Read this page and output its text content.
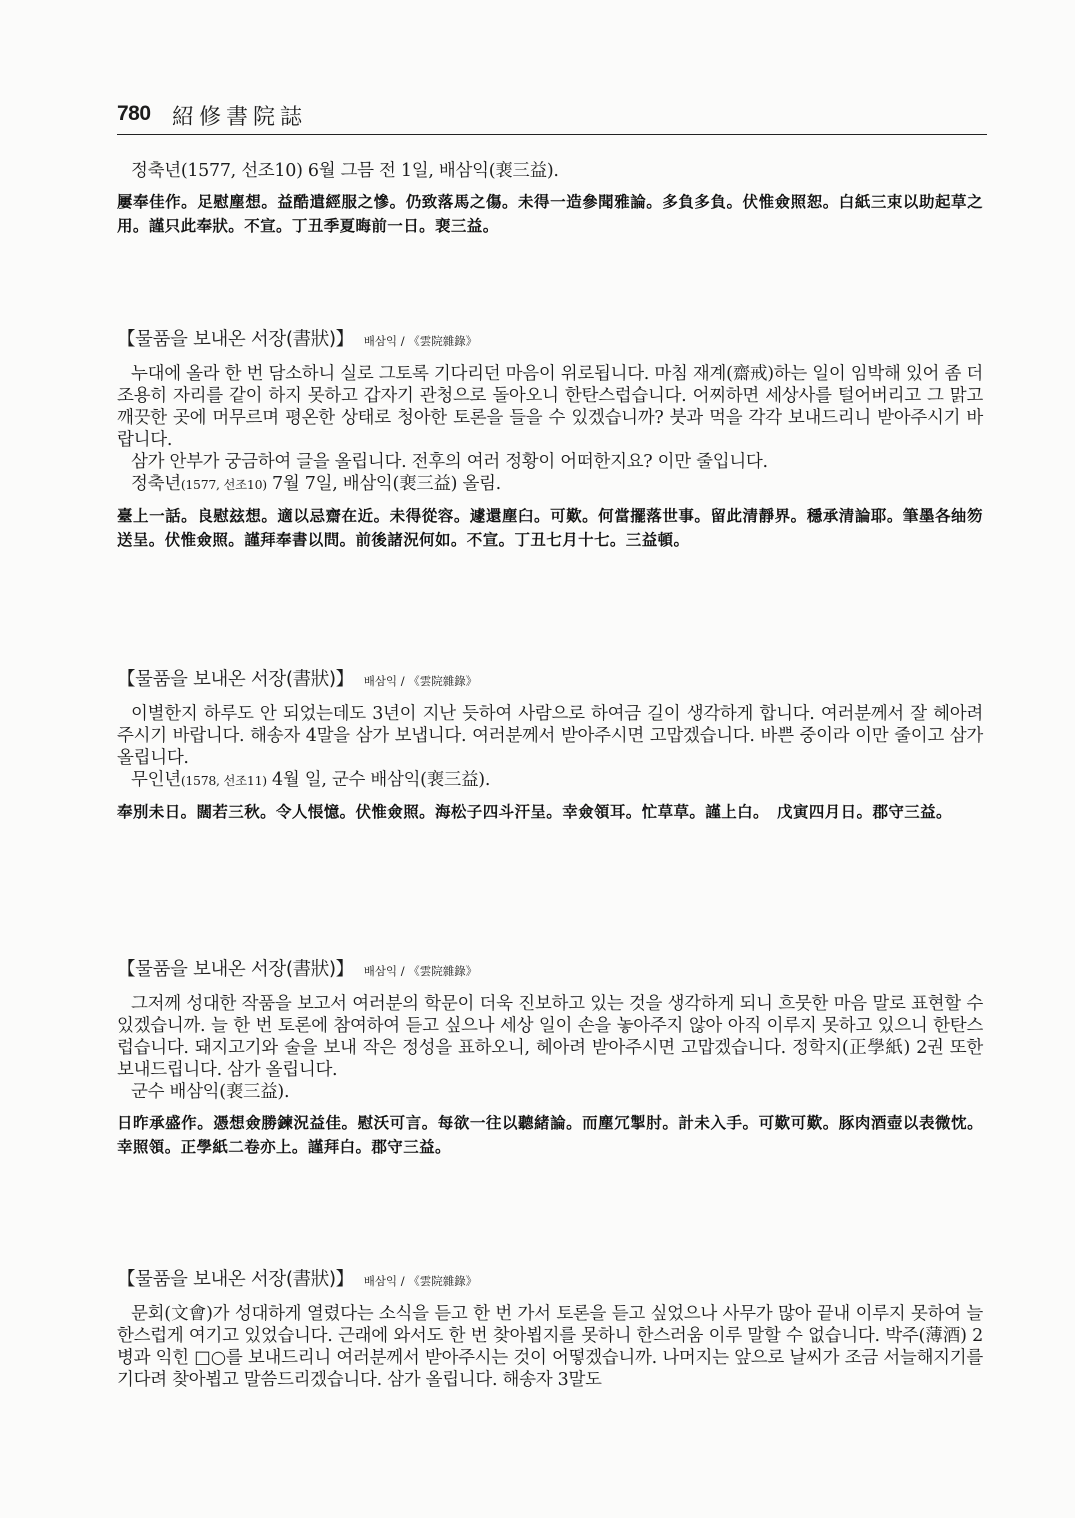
780 紹修書院誌

정축년(1577, 선조10) 6월 그믐 전 1일, 배삼익(裵三益).

屢奉佳作。足慰塵想。益酷遣經服之慘。仍致落馬之傷。未得一造參聞雅論。多負多負。伏惟僉照恕。白紙三束以助起草之用。謹只此奉狀。不宣。丁丑季夏晦前一日。裵三益。

【물품을 보내온 서장(書狀)】 배삼익 / 《雲院雜錄》

누대에 올라 한 번 담소하니 실로 그토록 기다리던 마음이 위로됩니다. 마침 재계(齋戒)하는 일이 임박해 있어 좀 더 조용히 자리를 같이 하지 못하고 갑자기 관청으로 돌아오니 한탄스럽습니다. 어찌하면 세상사를 털어버리고 그 맑고 깨끗한 곳에 머무르며 평온한 상태로 청아한 토론을 들을 수 있겠습니까? 붓과 먹을 각각 보내드리니 받아주시기 바랍니다.

삼가 안부가 궁금하여 글을 올립니다. 전후의 여러 정황이 어떠한지요? 이만 줄입니다.

정축년(1577, 선조10) 7월 7일, 배삼익(裵三益) 올림.

臺上一話。良慰玆想。適以忌齋在近。未得從容。遽還塵臼。可歎。何當擺落世事。留此清靜界。穩承清論耶。筆墨各䌷笏送呈。伏惟僉照。謹拜奉書以問。前後諸況何如。不宣。丁丑七月十七。三益頓。

【물품을 보내온 서장(書狀)】 배삼익 / 《雲院雜錄》

이별한지 하루도 안 되었는데도 3년이 지난 듯하여 사람으로 하여금 길이 생각하게 합니다. 여러분께서 잘 헤아려주시기 바랍니다. 해송자 4말을 삼가 보냅니다. 여러분께서 받아주시면 고맙겠습니다. 바쁜 중이라 이만 줄이고 삼가 올립니다.

무인년(1578, 선조11) 4월 일, 군수 배삼익(裵三益).

奉別未日。闊若三秋。令人悵憶。伏惟僉照。海松子四斗汗呈。幸僉領耳。忙草草。謹上白。　戊寅四月日。郡守三益。

【물품을 보내온 서장(書狀)】 배삼익 / 《雲院雜錄》

그저께 성대한 작품을 보고서 여러분의 학문이 더욱 진보하고 있는 것을 생각하게 되니 흐뭇한 마음 말로 표현할 수 있겠습니까. 늘 한 번 토론에 참여하여 듣고 싶으나 세상 일이 손을 놓아주지 않아 아직 이루지 못하고 있으니 한탄스럽습니다. 돼지고기와 술을 보내 작은 정성을 표하오니, 헤아려 받아주시면 고맙겠습니다. 정학지(正學紙) 2권 또한 보내드립니다. 삼가 올립니다.

군수 배삼익(裵三益).

日昨承盛作。憑想僉勝鍊況益佳。慰沃可言。每欲一往以聽緒論。而塵冗掣肘。計未入手。可歎可歎。豚肉酒壺以表微忱。幸照領。正學紙二卷亦上。謹拜白。郡守三益。

【물품을 보내온 서장(書狀)】 배삼익 / 《雲院雜錄》

문회(文會)가 성대하게 열렸다는 소식을 듣고 한 번 가서 토론을 듣고 싶었으나 사무가 많아 끝내 이루지 못하여 늘 한스럽게 여기고 있었습니다. 근래에 와서도 한 번 찾아뵙지를 못하니 한스러움 이루 말할 수 없습니다. 박주(薄酒) 2병과 익힌 □○를 보내드리니 여러분께서 받아주시는 것이 어떻겠습니까. 나머지는 앞으로 날씨가 조금 서늘해지기를 기다려 찾아뵙고 말씀드리겠습니다. 삼가 올립니다. 해송자 3말도
